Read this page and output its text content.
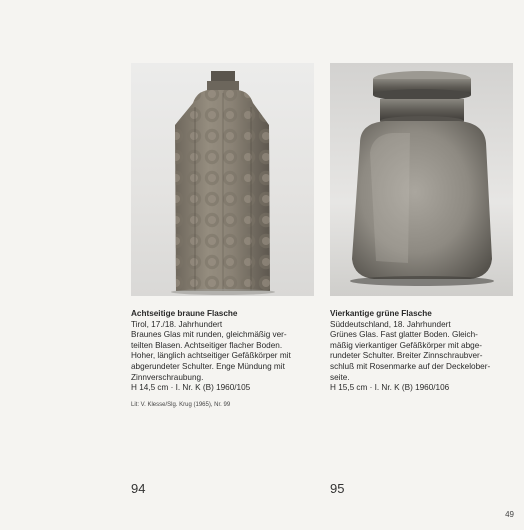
Achtseitige braune Flasche
Tirol, 17./18. Jahrhundert
Braunes Glas mit runden, gleichmäßig ver-
teilten Blasen. Achtseitiger flacher Boden.
Hoher, länglich achtseitiger Gefäßkörper mit
abgerundeter Schulter. Enge Mündung mit
Zinnverschraubung.
H 14,5 cm · I. Nr. K (B) 1960/105
Lit: V. Klesse/Slg. Krug (1965), Nr. 99
Vierkantige grüne Flasche
Süddeutschland, 18. Jahrhundert
Grünes Glas. Fast glatter Boden. Gleich-
mäßig vierkantiger Gefäßkörper mit abge-
rundeter Schulter. Breiter Zinnschraubver-
schluß mit Rosenmarke auf der Deckelober-
seite.
H 15,5 cm · I. Nr. K (B) 1960/106
94	95
49
